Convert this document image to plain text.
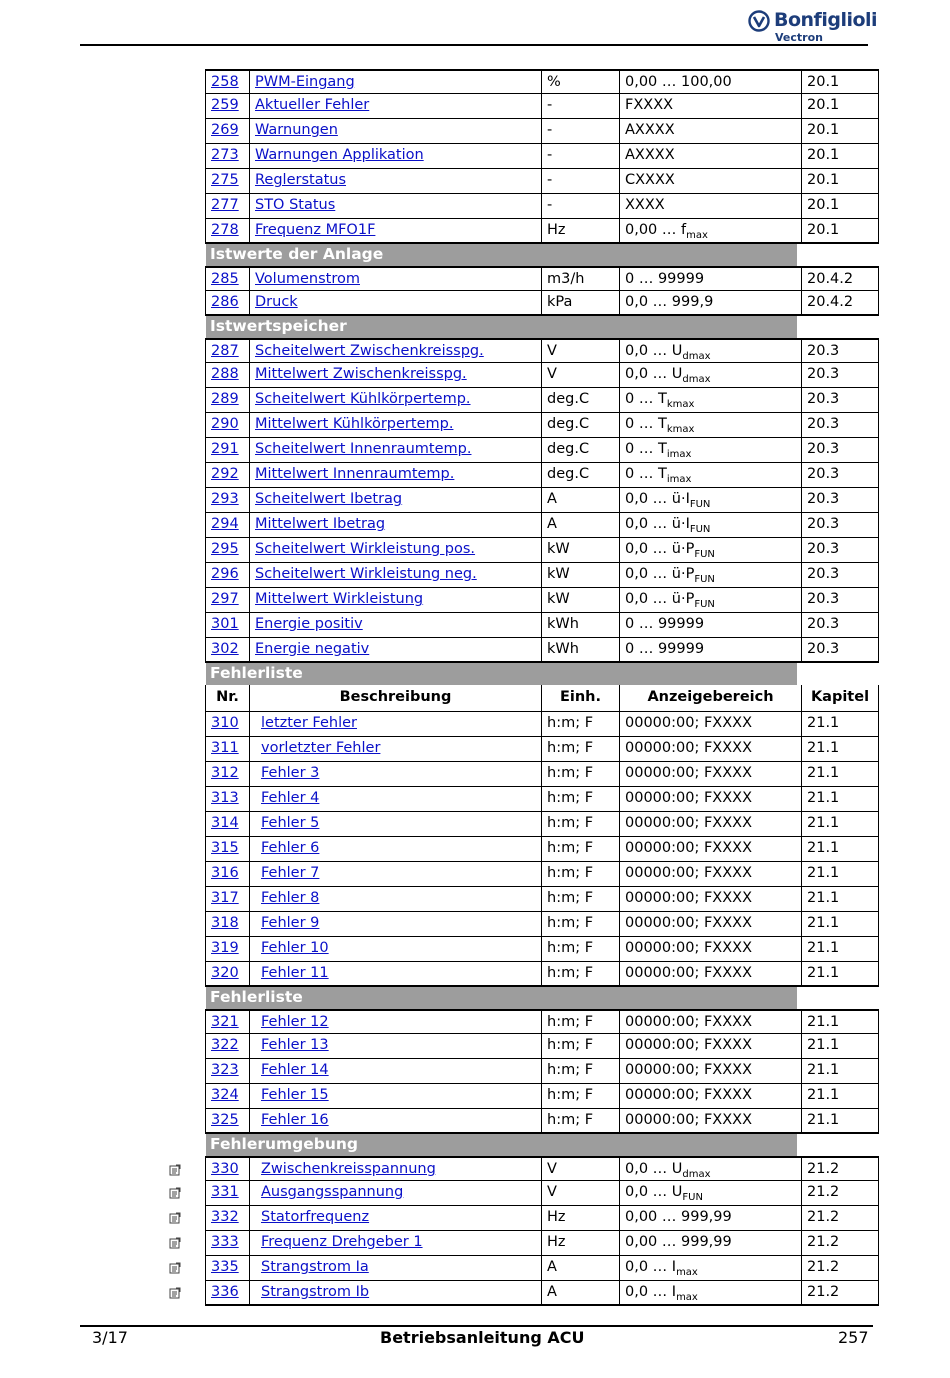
Bonfiglioli
Vectron
258	PWM-Eingang	%	0,00 … 100,00	20.1
259	Aktueller Fehler	-	FXXXX	20.1
269	Warnungen	-	AXXXX	20.1
273	Warnungen Applikation	-	AXXXX	20.1
275	Reglerstatus	-	CXXXX	20.1
277	STO Status	-	XXXX	20.1
278	Frequenz MFO1F	Hz	0,00 … $f_{max}$	20.1
Istwerte der Anlage
285	Volumenstrom	m3/h	0 … 99999	20.4.2
286	Druck	kPa	0,0 … 999,9	20.4.2
Istwertspeicher
287	Scheitelwert Zwischenkreisspg.	V	0,0 … $U_{dmax}$	20.3
288	Mittelwert Zwischenkreisspg.	V	0,0 … $U_{dmax}$	20.3
289	Scheitelwert Kühlkörpertemp.	deg.C	0 … $T_{kmax}$	20.3
290	Mittelwert Kühlkörpertemp.	deg.C	0 … $T_{kmax}$	20.3
291	Scheitelwert Innenraumtemp.	deg.C	0 … $T_{imax}$	20.3
292	Mittelwert Innenraumtemp.	deg.C	0 … $T_{imax}$	20.3
293	Scheitelwert Ibetrag	A	0,0 … $ü\cdot I_{FUN}$	20.3
294	Mittelwert Ibetrag	A	0,0 … $ü\cdot I_{FUN}$	20.3
295	Scheitelwert Wirkleistung pos.	kW	0,0 … $ü\cdot P_{FUN}$	20.3
296	Scheitelwert Wirkleistung neg.	kW	0,0 … $ü\cdot P_{FUN}$	20.3
297	Mittelwert Wirkleistung	kW	0,0 … $ü\cdot P_{FUN}$	20.3
301	Energie positiv	kWh	0 … 99999	20.3
302	Energie negativ	kWh	0 … 99999	20.3
Fehlerliste
Nr.	Beschreibung	Einh.	Anzeigebereich	Kapitel
310	letzter Fehler	h:m; F	00000:00; FXXXX	21.1
311	vorletzter Fehler	h:m; F	00000:00; FXXXX	21.1
312	Fehler 3	h:m; F	00000:00; FXXXX	21.1
313	Fehler 4	h:m; F	00000:00; FXXXX	21.1
314	Fehler 5	h:m; F	00000:00; FXXXX	21.1
315	Fehler 6	h:m; F	00000:00; FXXXX	21.1
316	Fehler 7	h:m; F	00000:00; FXXXX	21.1
317	Fehler 8	h:m; F	00000:00; FXXXX	21.1
318	Fehler 9	h:m; F	00000:00; FXXXX	21.1
319	Fehler 10	h:m; F	00000:00; FXXXX	21.1
320	Fehler 11	h:m; F	00000:00; FXXXX	21.1
Fehlerliste
321	Fehler 12	h:m; F	00000:00; FXXXX	21.1
322	Fehler 13	h:m; F	00000:00; FXXXX	21.1
323	Fehler 14	h:m; F	00000:00; FXXXX	21.1
324	Fehler 15	h:m; F	00000:00; FXXXX	21.1
325	Fehler 16	h:m; F	00000:00; FXXXX	21.1
Fehlerumgebung
330	Zwischenkreisspannung	V	0,0 … $U_{dmax}$	21.2
331	Ausgangsspannung	V	0,0 … $U_{FUN}$	21.2
332	Statorfrequenz	Hz	0,00 … 999,99	21.2
333	Frequenz Drehgeber 1	Hz	0,00 … 999,99	21.2
335	Strangstrom Ia	A	0,0 … $I_{max}$	21.2
336	Strangstrom Ib	A	0,0 … $I_{max}$	21.2
3/17	Betriebsanleitung ACU	257
